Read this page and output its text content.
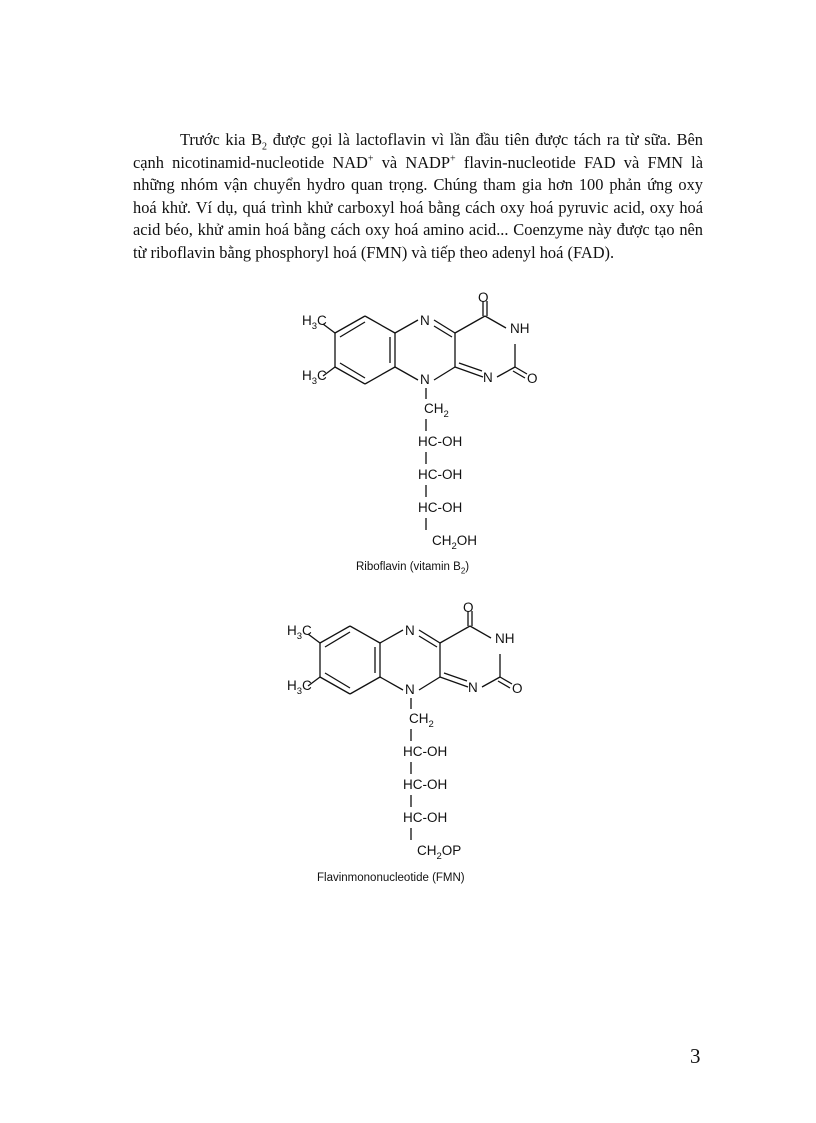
Trước kia $B_2$ được gọi là lactoflavin vì lần đầu tiên được tách ra từ sữa. Bên cạnh nicotinamid-nucleotide NAD+ và NADP+ flavin-nucleotide FAD và FMN là những nhóm vận chuyển hydro quan trọng. Chúng tham gia hơn 100 phản ứng oxy hoá khử. Ví dụ, quá trình khử carboxyl hoá bằng cách oxy hoá pyruvic acid, oxy hoá acid béo, khử amin hoá bằng cách oxy hoá amino acid... Coenzyme này được tạo nên từ riboflavin bằng phosphoryl hoá (FMN) và tiếp theo adenyl hoá (FAD).

O
NH
N
N	N	O
$H_3C$
$H_3C$
$CH_2$
HC-OH
HC-OH
HC-OH
$CH_2OH$
Riboflavin (vitamin $B_2$)
O
NH
N
N	N	O
$H_3C$
$H_3C$
$CH_2$
HC-OH
HC-OH
HC-OH
$CH_2OP$
Flavinmononucleotide (FMN)
3
